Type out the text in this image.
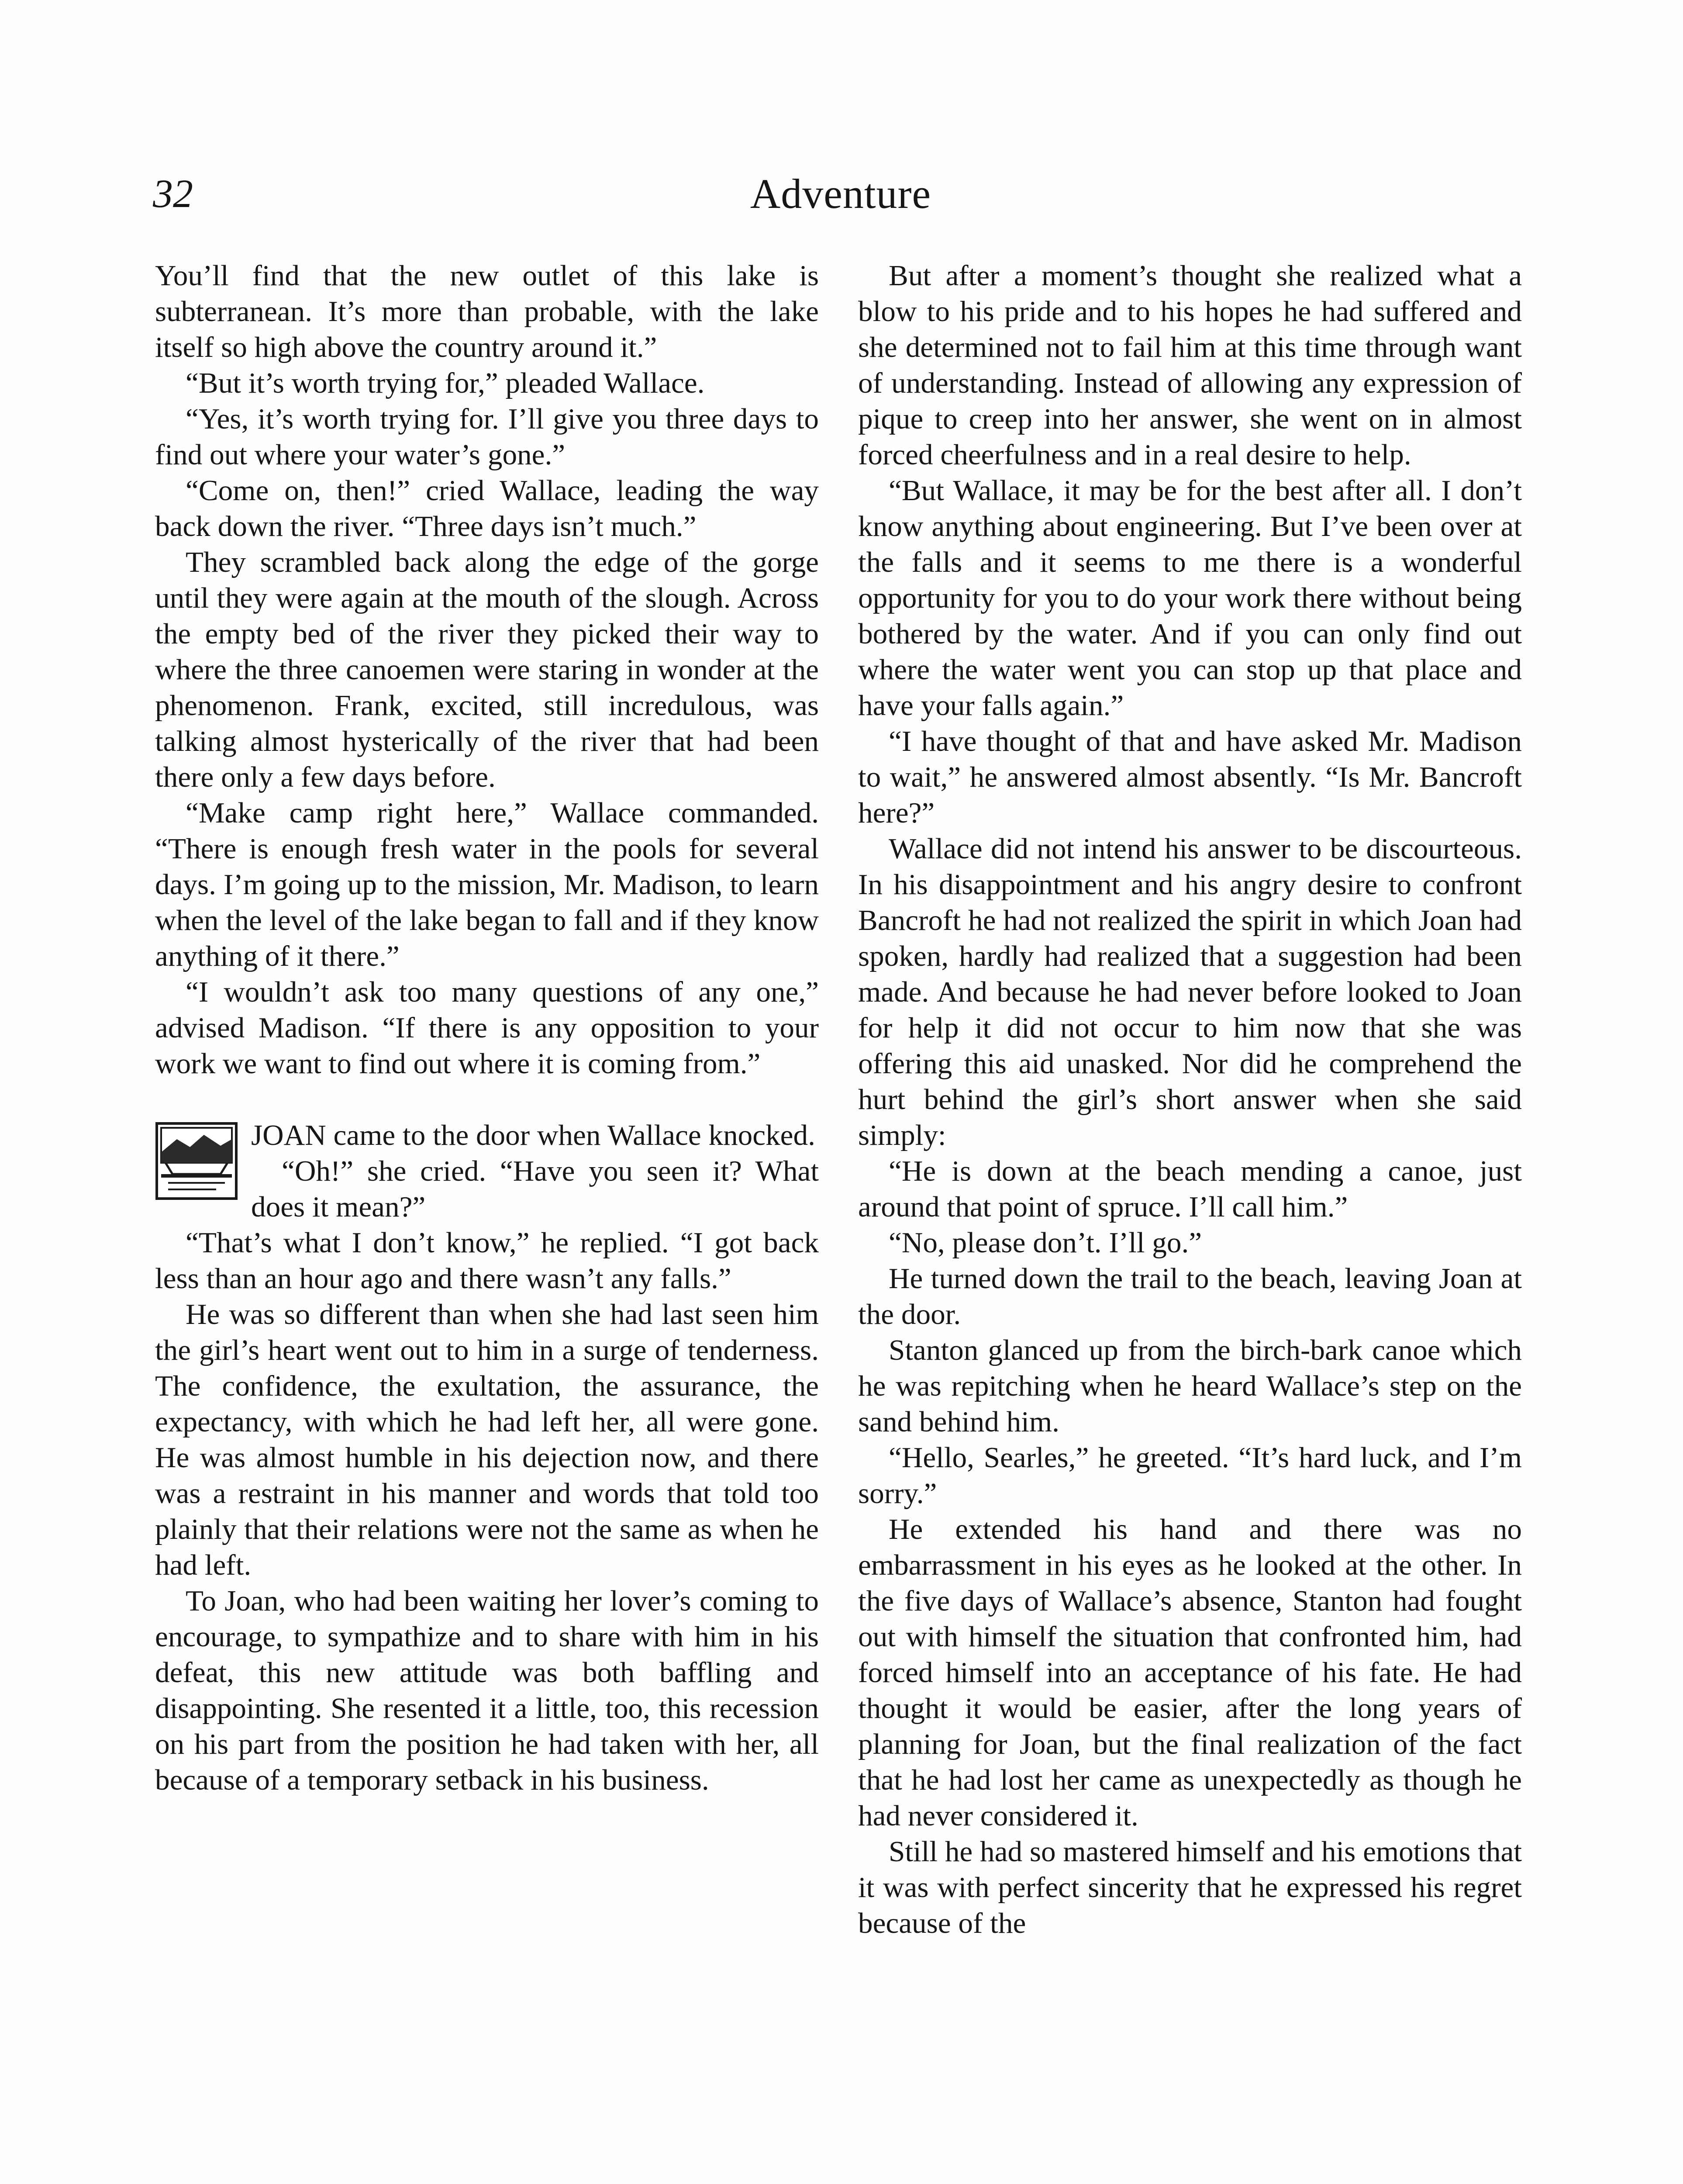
32	Adventure

You’ll find that the new outlet of this lake is subterranean. It’s more than probable, with the lake itself so high above the country around it.”

“But it’s worth trying for,” pleaded Wallace.

“Yes, it’s worth trying for. I’ll give you three days to find out where your water’s gone.”

“Come on, then!” cried Wallace, leading the way back down the river. “Three days isn’t much.”

They scrambled back along the edge of the gorge until they were again at the mouth of the slough. Across the empty bed of the river they picked their way to where the three canoemen were staring in wonder at the phenomenon. Frank, excited, still incredulous, was talking almost hysterically of the river that had been there only a few days before.

“Make camp right here,” Wallace commanded. “There is enough fresh water in the pools for several days. I’m going up to the mission, Mr. Madison, to learn when the level of the lake began to fall and if they know anything of it there.”

“I wouldn’t ask too many questions of any one,” advised Madison. “If there is any opposition to your work we want to find out where it is coming from.”

JOAN came to the door when Wallace knocked.

“Oh!” she cried. “Have you seen it? What does it mean?”

“That’s what I don’t know,” he replied. “I got back less than an hour ago and there wasn’t any falls.”

He was so different than when she had last seen him the girl’s heart went out to him in a surge of tenderness. The confidence, the exultation, the assurance, the expectancy, with which he had left her, all were gone. He was almost humble in his dejection now, and there was a restraint in his manner and words that told too plainly that their relations were not the same as when he had left.

To Joan, who had been waiting her lover’s coming to encourage, to sympathize and to share with him in his defeat, this new attitude was both baffling and disappointing. She resented it a little, too, this recession on his part from the position he had taken with her, all because of a temporary setback in his business.

But after a moment’s thought she realized what a blow to his pride and to his hopes he had suffered and she determined not to fail him at this time through want of understanding. Instead of allowing any expression of pique to creep into her answer, she went on in almost forced cheerfulness and in a real desire to help.

“But Wallace, it may be for the best after all. I don’t know anything about engineering. But I’ve been over at the falls and it seems to me there is a wonderful opportunity for you to do your work there without being bothered by the water. And if you can only find out where the water went you can stop up that place and have your falls again.”

“I have thought of that and have asked Mr. Madison to wait,” he answered almost absently. “Is Mr. Bancroft here?”

Wallace did not intend his answer to be discourteous. In his disappointment and his angry desire to confront Bancroft he had not realized the spirit in which Joan had spoken, hardly had realized that a suggestion had been made. And because he had never before looked to Joan for help it did not occur to him now that she was offering this aid unasked. Nor did he comprehend the hurt behind the girl’s short answer when she said simply:

“He is down at the beach mending a canoe, just around that point of spruce. I’ll call him.”

“No, please don’t. I’ll go.”

He turned down the trail to the beach, leaving Joan at the door.

Stanton glanced up from the birch-bark canoe which he was repitching when he heard Wallace’s step on the sand behind him.

“Hello, Searles,” he greeted. “It’s hard luck, and I’m sorry.”

He extended his hand and there was no embarrassment in his eyes as he looked at the other. In the five days of Wallace’s absence, Stanton had fought out with himself the situation that confronted him, had forced himself into an acceptance of his fate. He had thought it would be easier, after the long years of planning for Joan, but the final realization of the fact that he had lost her came as unexpectedly as though he had never considered it.

Still he had so mastered himself and his emotions that it was with perfect sincerity that he expressed his regret because of the
